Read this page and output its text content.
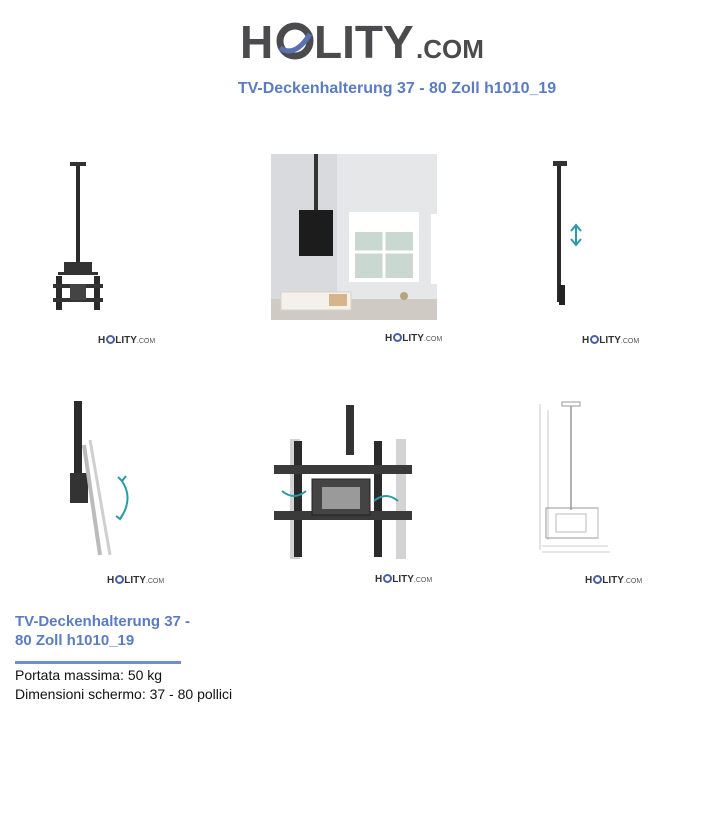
H LITY .COM
TV-Deckenhalterung 37 - 80 Zoll h1010_19
H LITY.COM	H LITY.COM	H LITY.COM
H LITY.COM	H LITY.COM	H LITY.COM
TV-Deckenhalterung 37 -
80 Zoll h1010_19
Portata massima: 50 kg
Dimensioni schermo: 37 - 80 pollici
